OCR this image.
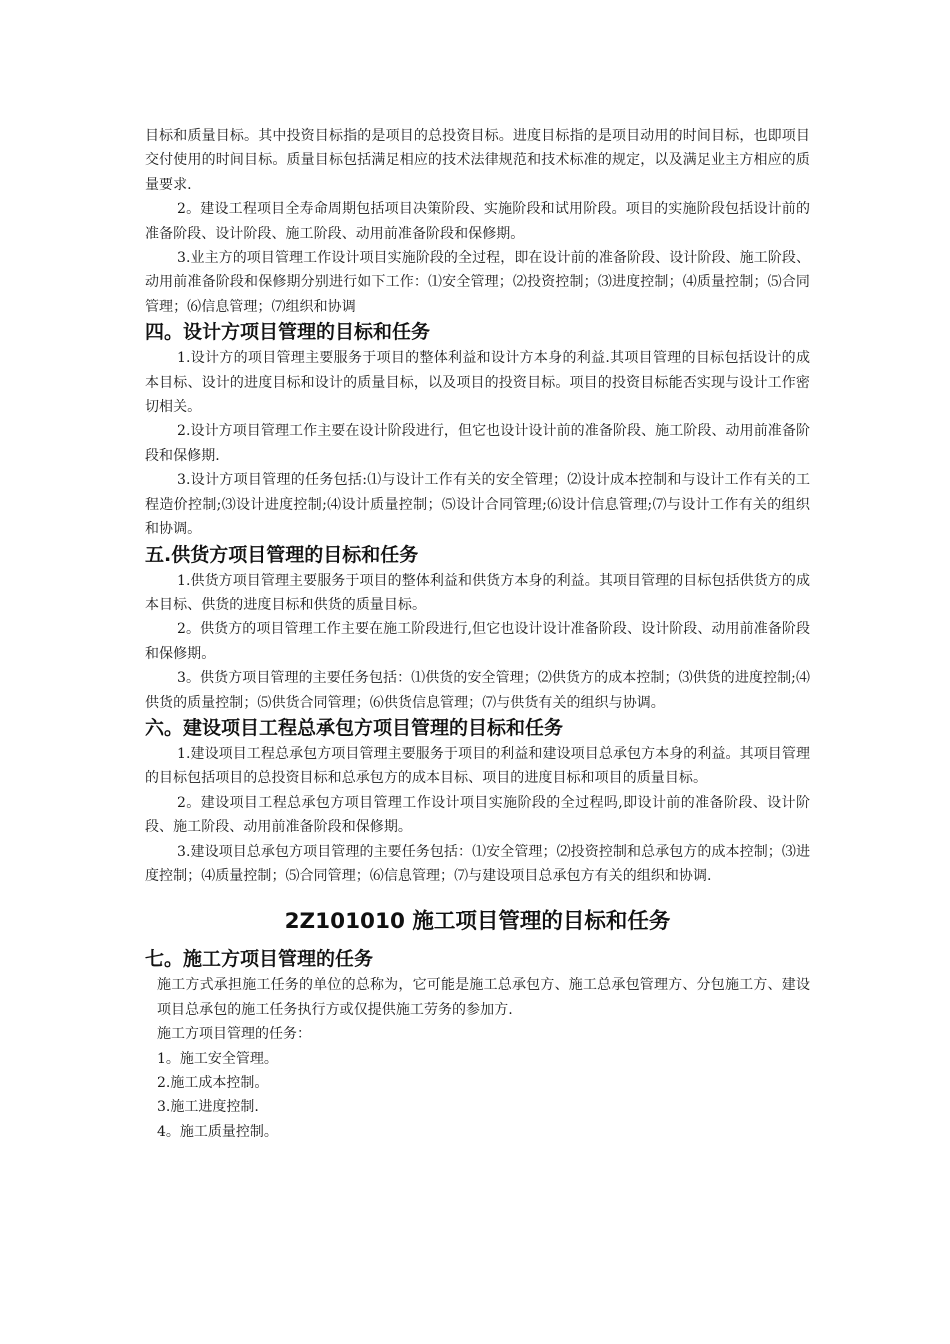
目标和质量目标。其中投资目标指的是项目的总投资目标。进度目标指的是项目动用的时间目标，也即项目交付使用的时间目标。质量目标包括满足相应的技术法律规范和技术标准的规定，以及满足业主方相应的质量要求.

2。建设工程项目全寿命周期包括项目决策阶段、实施阶段和试用阶段。项目的实施阶段包括设计前的准备阶段、设计阶段、施工阶段、动用前准备阶段和保修期。

3.业主方的项目管理工作设计项目实施阶段的全过程，即在设计前的准备阶段、设计阶段、施工阶段、动用前准备阶段和保修期分别进行如下工作：⑴安全管理；⑵投资控制；⑶进度控制；⑷质量控制；⑸合同管理；⑹信息管理；⑺组织和协调

四。设计方项目管理的目标和任务

1.设计方的项目管理主要服务于项目的整体利益和设计方本身的利益.其项目管理的目标包括设计的成本目标、设计的进度目标和设计的质量目标，以及项目的投资目标。项目的投资目标能否实现与设计工作密切相关。

2.设计方项目管理工作主要在设计阶段进行，但它也设计设计前的准备阶段、施工阶段、动用前准备阶段和保修期.

3.设计方项目管理的任务包括:⑴与设计工作有关的安全管理；⑵设计成本控制和与设计工作有关的工程造价控制;⑶设计进度控制;⑷设计质量控制；⑸设计合同管理;⑹设计信息管理;⑺与设计工作有关的组织和协调。

五.供货方项目管理的目标和任务

1.供货方项目管理主要服务于项目的整体利益和供货方本身的利益。其项目管理的目标包括供货方的成本目标、供货的进度目标和供货的质量目标。

2。供货方的项目管理工作主要在施工阶段进行,但它也设计设计准备阶段、设计阶段、动用前准备阶段和保修期。

3。供货方项目管理的主要任务包括：⑴供货的安全管理；⑵供货方的成本控制；⑶供货的进度控制;⑷供货的质量控制；⑸供货合同管理；⑹供货信息管理；⑺与供货有关的组织与协调。

六。建设项目工程总承包方项目管理的目标和任务

1.建设项目工程总承包方项目管理主要服务于项目的利益和建设项目总承包方本身的利益。其项目管理的目标包括项目的总投资目标和总承包方的成本目标、项目的进度目标和项目的质量目标。

2。建设项目工程总承包方项目管理工作设计项目实施阶段的全过程吗,即设计前的准备阶段、设计阶段、施工阶段、动用前准备阶段和保修期。

3.建设项目总承包方项目管理的主要任务包括：⑴安全管理；⑵投资控制和总承包方的成本控制；⑶进度控制；⑷质量控制；⑸合同管理；⑹信息管理；⑺与建设项目总承包方有关的组织和协调.

2Z101010 施工项目管理的目标和任务
七。施工方项目管理的任务

施工方式承担施工任务的单位的总称为，它可能是施工总承包方、施工总承包管理方、分包施工方、建设项目总承包的施工任务执行方或仅提供施工劳务的参加方.

施工方项目管理的任务：

1。施工安全管理。

2.施工成本控制。

3.施工进度控制.

4。施工质量控制。
